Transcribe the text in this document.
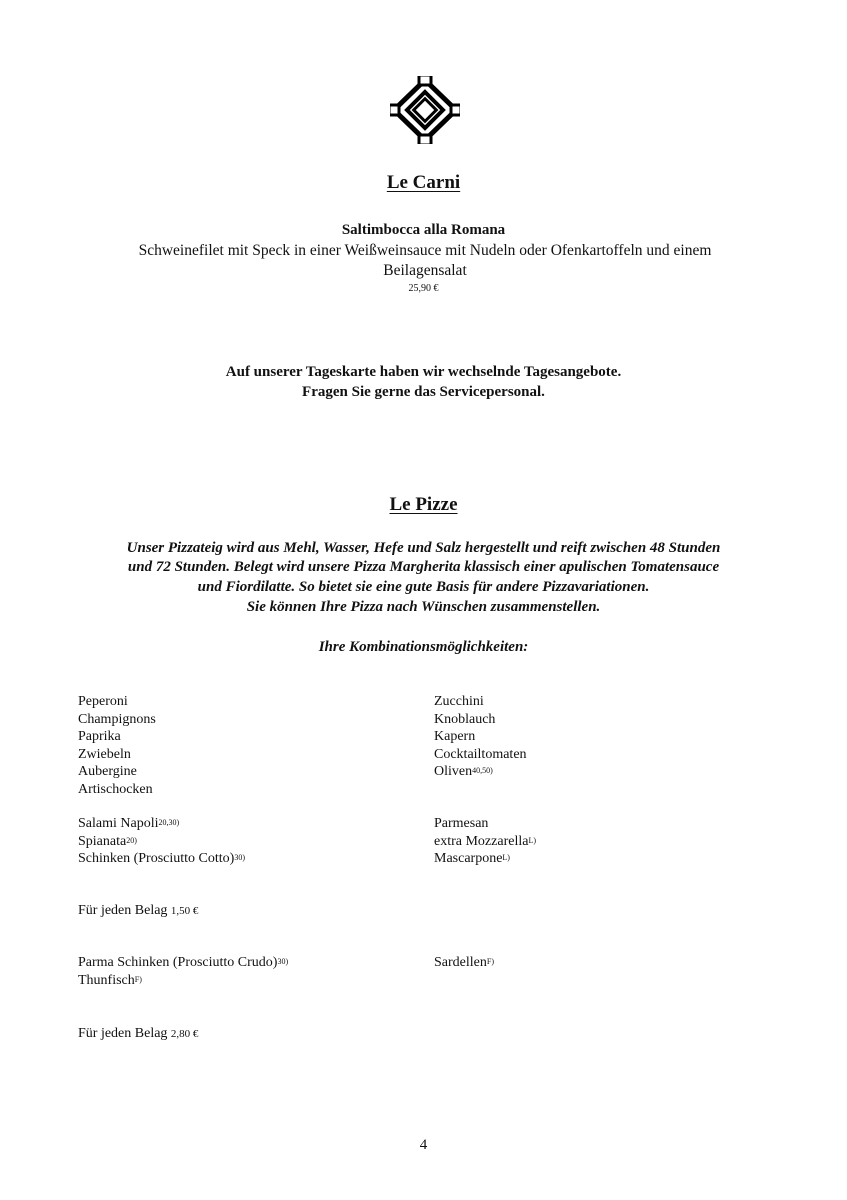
Le Carni
Saltimbocca alla Romana
Schweinefilet mit Speck in einer Weißweinsauce mit Nudeln oder Ofenkartoffeln und einem Beilagensalat
25,90 €
Auf unserer Tageskarte haben wir wechselnde Tagesangebote.
Fragen Sie gerne das Servicepersonal.
Le Pizze
Unser Pizzateig wird aus Mehl, Wasser, Hefe und Salz hergestellt und reift zwischen 48 Stunden
und 72 Stunden. Belegt wird unsere Pizza Margherita klassisch einer apulischen Tomatensauce
und Fiordilatte. So bietet sie eine gute Basis für andere Pizzavariationen.
Sie können Ihre Pizza nach Wünschen zusammenstellen.
Ihre Kombinationsmöglichkeiten:
Peperoni
Champignons
Paprika
Zwiebeln
Aubergine
Artischocken
Zucchini
Knoblauch
Kapern
Cocktailtomaten
Oliven$^{40,50)}$
Salami Napoli$^{20,30)}$
Spianata$^{20)}$
Schinken (Prosciutto Cotto)$^{30)}$
Parmesan
extra Mozzarella$^{L)}$
Mascarpone$^{L)}$
Für jeden Belag 1,50 €
Parma Schinken (Prosciutto Crudo)$^{30)}$
Thunfisch$^{F)}$
Sardellen$^{F)}$
Für jeden Belag 2,80 €
4
